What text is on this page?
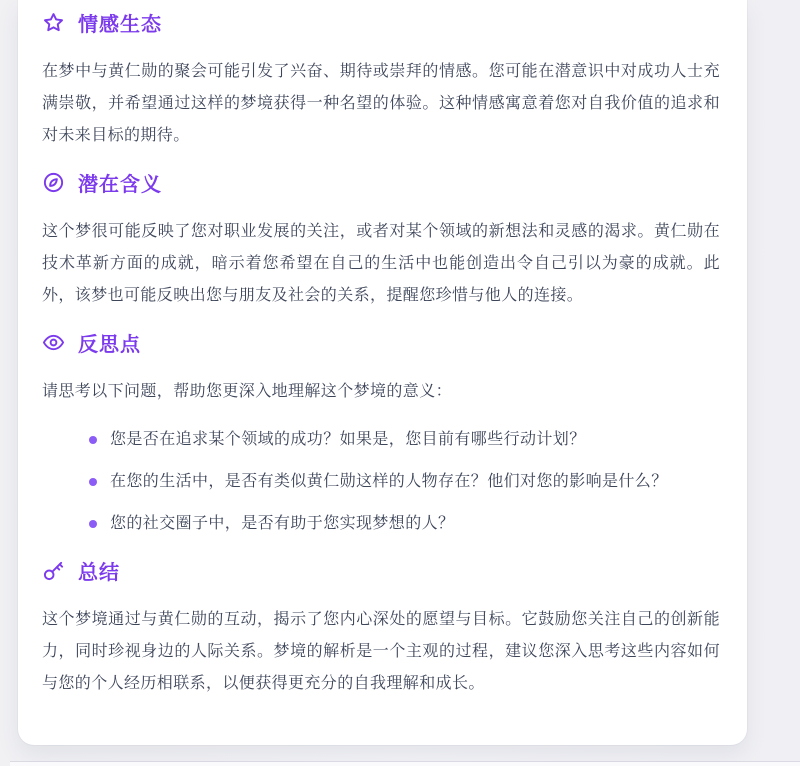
情感生态

在梦中与黄仁勋的聚会可能引发了兴奋、期待或崇拜的情感。您可能在潜意识中对成功人士充满崇敬，并希望通过这样的梦境获得一种名望的体验。这种情感寓意着您对自我价值的追求和对未来目标的期待。

潜在含义

这个梦很可能反映了您对职业发展的关注，或者对某个领域的新想法和灵感的渴求。黄仁勋在技术革新方面的成就，暗示着您希望在自己的生活中也能创造出令自己引以为豪的成就。此外，该梦也可能反映出您与朋友及社会的关系，提醒您珍惜与他人的连接。

反思点

请思考以下问题，帮助您更深入地理解这个梦境的意义：

您是否在追求某个领域的成功？如果是，您目前有哪些行动计划？
在您的生活中，是否有类似黄仁勋这样的人物存在？他们对您的影响是什么？
您的社交圈子中，是否有助于您实现梦想的人？
总结

这个梦境通过与黄仁勋的互动，揭示了您内心深处的愿望与目标。它鼓励您关注自己的创新能力，同时珍视身边的人际关系。梦境的解析是一个主观的过程，建议您深入思考这些内容如何与您的个人经历相联系，以便获得更充分的自我理解和成长。
